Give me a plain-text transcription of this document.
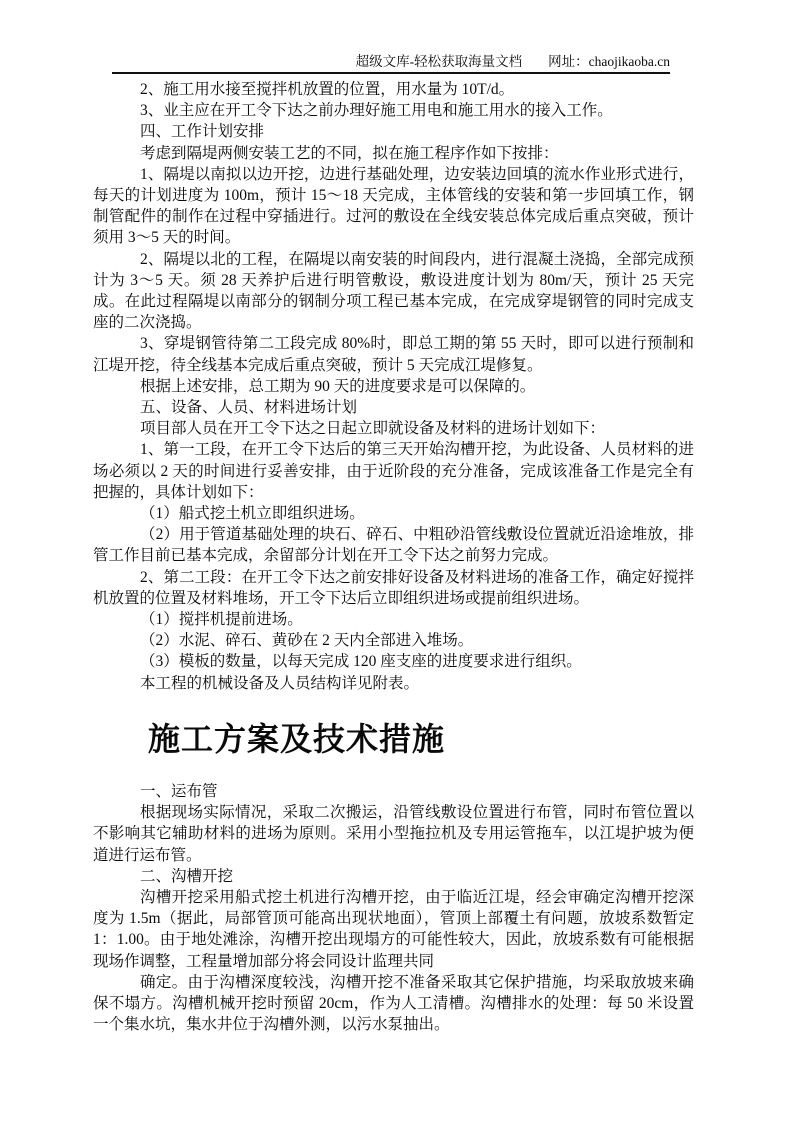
超级文库-轻松获取海量文档 网址：chaojikaoba.cn

2、施工用水接至搅拌机放置的位置，用水量为 10T/d。

3、业主应在开工令下达之前办理好施工用电和施工用水的接入工作。

四、工作计划安排

考虑到隔堤两侧安装工艺的不同，拟在施工程序作如下按排：

1、隔堤以南拟以边开挖，边进行基础处理，边安装边回填的流水作业形式进行，每天的计划进度为 100m，预计 15～18 天完成，主体管线的安装和第一步回填工作，钢制管配件的制作在过程中穿插进行。过河的敷设在全线安装总体完成后重点突破，预计须用 3～5 天的时间。

2、隔堤以北的工程，在隔堤以南安装的时间段内，进行混凝土浇捣，全部完成预计为 3～5 天。须 28 天养护后进行明管敷设，敷设进度计划为 80m/天，预计 25 天完成。在此过程隔堤以南部分的钢制分项工程已基本完成，在完成穿堤钢管的同时完成支座的二次浇捣。

3、穿堤钢管待第二工段完成 80%时，即总工期的第 55 天时，即可以进行预制和江堤开挖，待全线基本完成后重点突破，预计 5 天完成江堤修复。

根据上述安排，总工期为 90 天的进度要求是可以保障的。

五、设备、人员、材料进场计划

项目部人员在开工令下达之日起立即就设备及材料的进场计划如下：

1、第一工段，在开工令下达后的第三天开始沟槽开挖，为此设备、人员材料的进场必须以 2 天的时间进行妥善安排，由于近阶段的充分准备，完成该准备工作是完全有把握的，具体计划如下：

（1）船式挖土机立即组织进场。

（2）用于管道基础处理的块石、碎石、中粗砂沿管线敷设位置就近沿途堆放，排管工作目前已基本完成，余留部分计划在开工令下达之前努力完成。

2、第二工段：在开工令下达之前安排好设备及材料进场的准备工作，确定好搅拌机放置的位置及材料堆场，开工令下达后立即组织进场或提前组织进场。

（1）搅拌机提前进场。

（2）水泥、碎石、黄砂在 2 天内全部进入堆场。

（3）模板的数量，以每天完成 120 座支座的进度要求进行组织。

本工程的机械设备及人员结构详见附表。

施工方案及技术措施

一、运布管

根据现场实际情况，采取二次搬运，沿管线敷设位置进行布管，同时布管位置以不影响其它辅助材料的进场为原则。采用小型拖拉机及专用运管拖车，以江堤护坡为便道进行运布管。

二、沟槽开挖

沟槽开挖采用船式挖土机进行沟槽开挖，由于临近江堤，经会审确定沟槽开挖深度为 1.5m（据此，局部管顶可能高出现状地面），管顶上部覆土有问题，放坡系数暂定 1：1.00。由于地处滩涂，沟槽开挖出现塌方的可能性较大，因此，放坡系数有可能根据现场作调整，工程量增加部分将会同设计监理共同

确定。由于沟槽深度较浅，沟槽开挖不准备采取其它保护措施，均采取放坡来确保不塌方。沟槽机械开挖时预留 20cm，作为人工清槽。沟槽排水的处理：每 50 米设置一个集水坑，集水井位于沟槽外测，以污水泵抽出。
